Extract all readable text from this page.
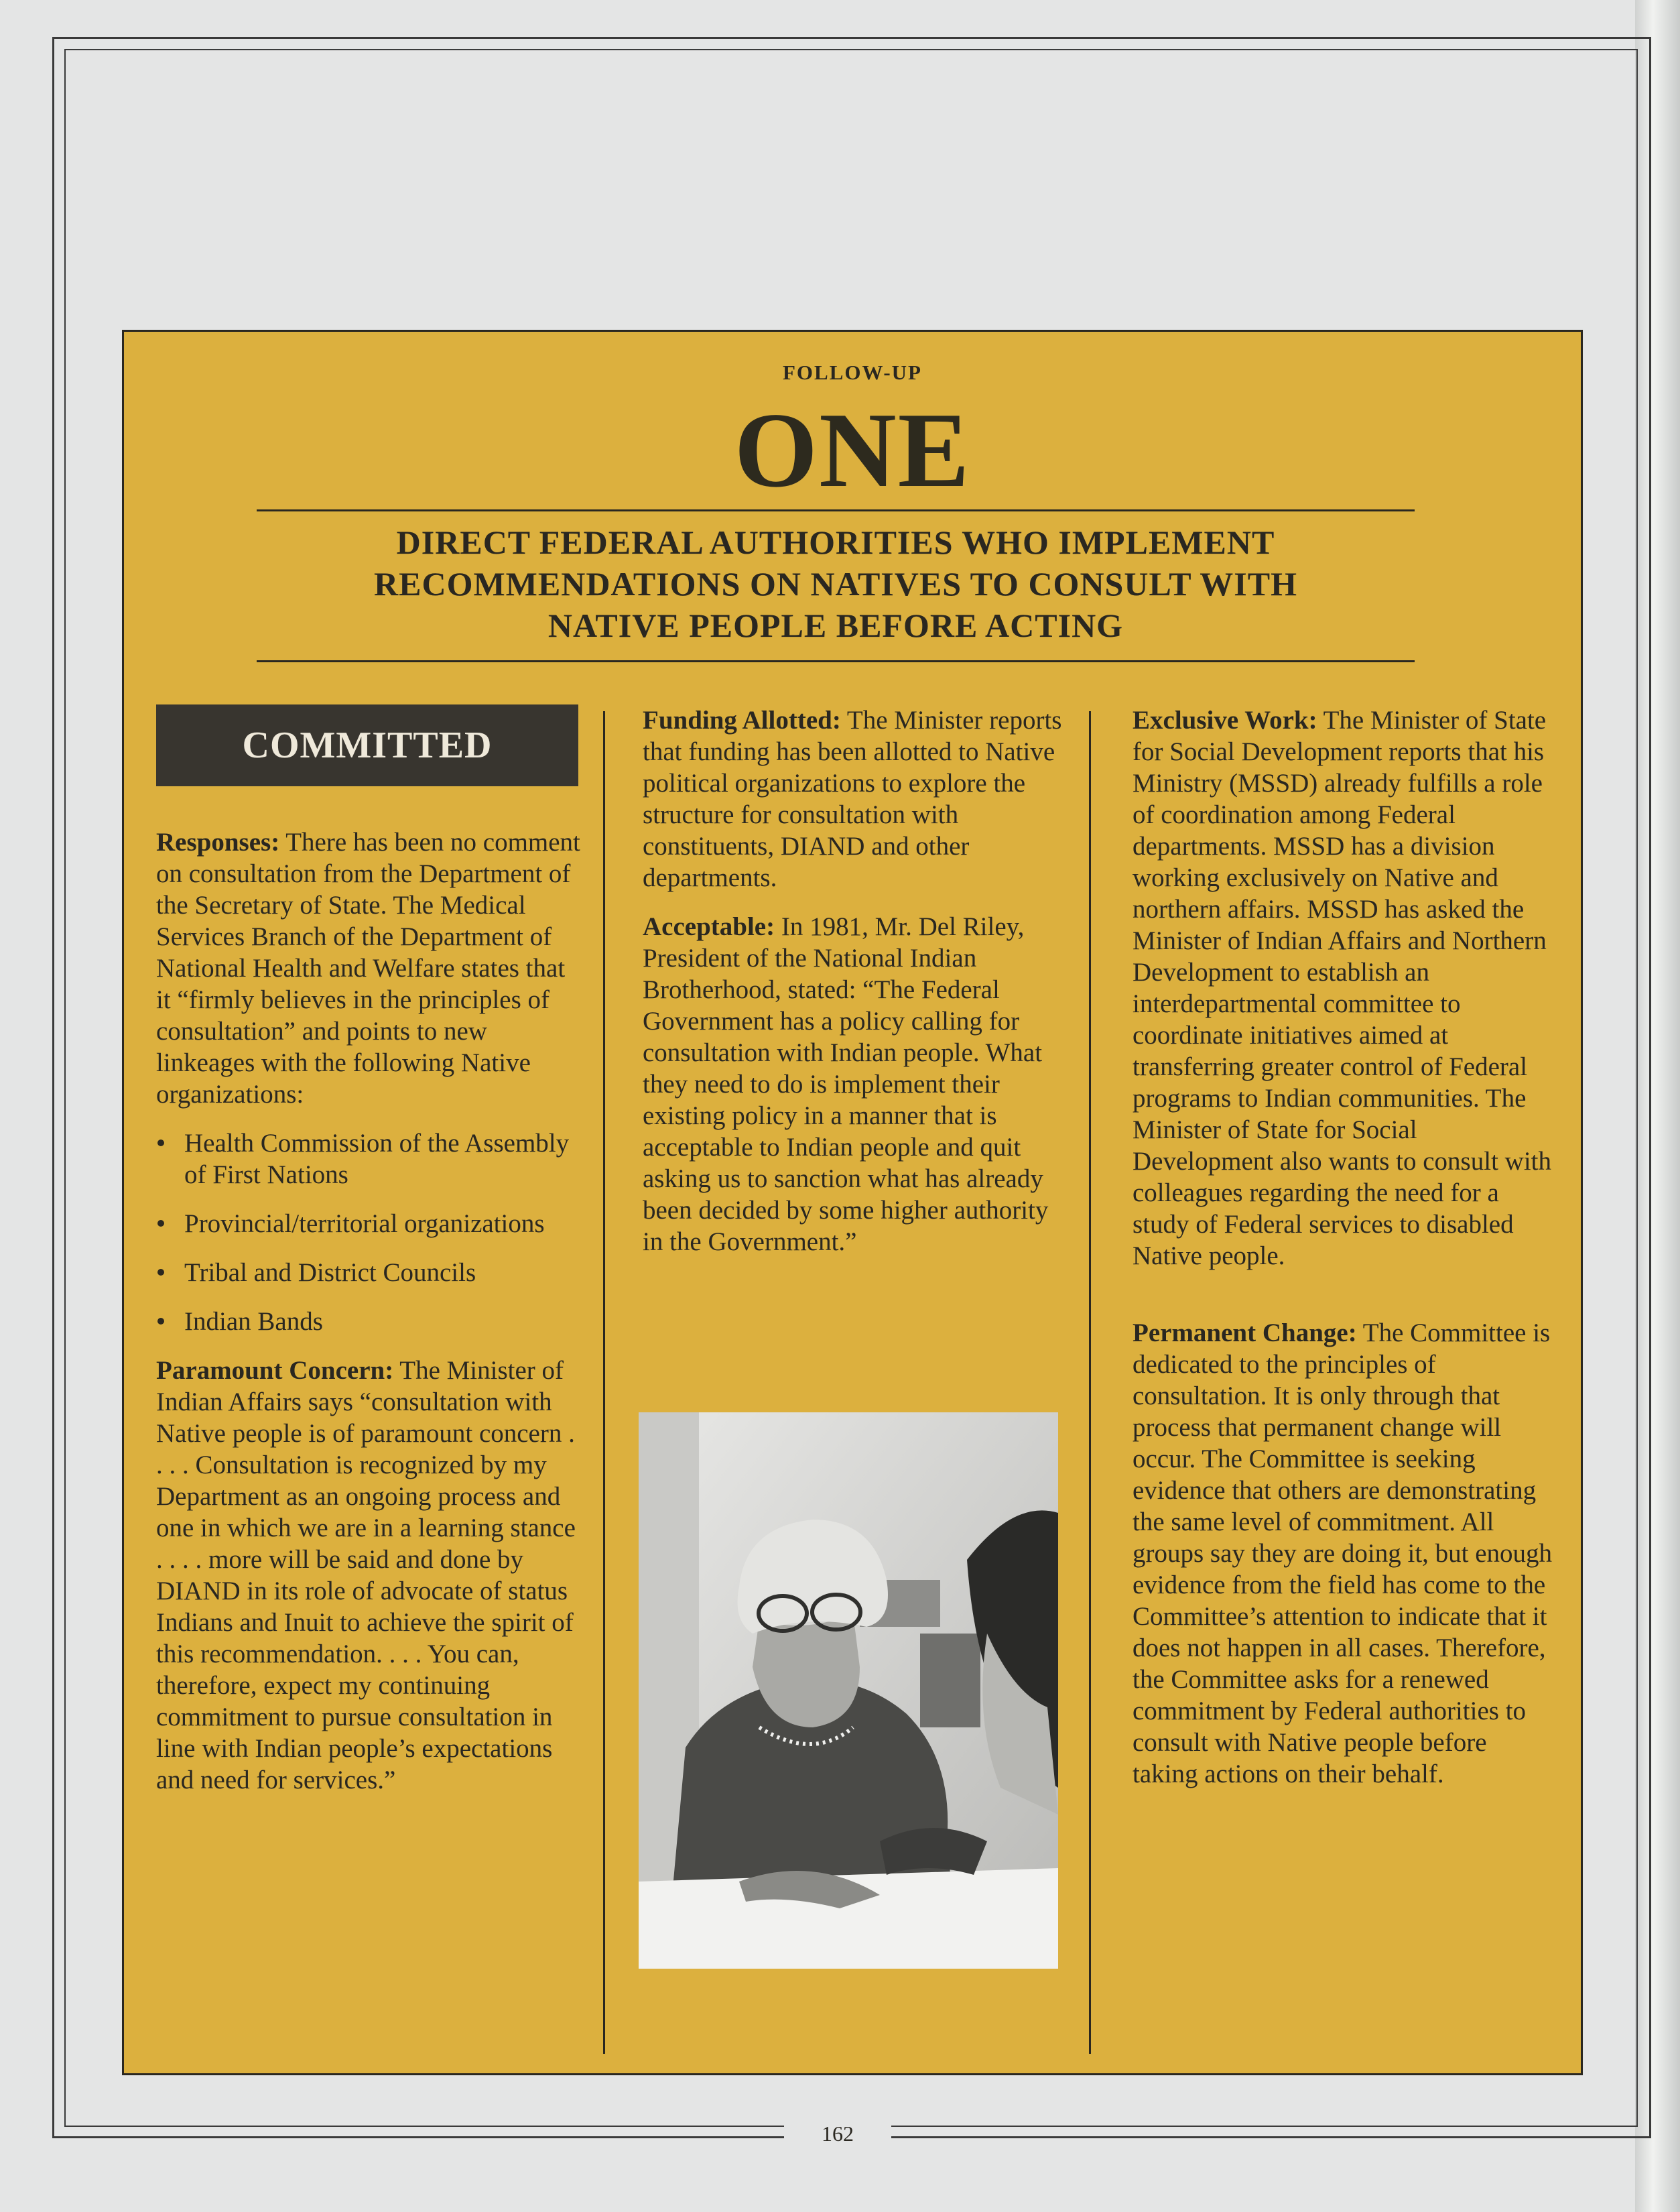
162
FOLLOW-UP
ONE
DIRECT FEDERAL AUTHORITIES WHO IMPLEMENT
RECOMMENDATIONS ON NATIVES TO CONSULT WITH
NATIVE PEOPLE BEFORE ACTING
COMMITTED

Responses: There has been no comment on consultation from the Department of the Secretary of State. The Medical Services Branch of the Department of National Health and Welfare states that it “firmly believes in the principles of consultation” and points to new linkeages with the following Native organizations:

Health Commission of the Assembly of First Nations
Provincial/territorial organizations
Tribal and District Councils
Indian Bands

Paramount Concern: The Minister of Indian Affairs says “consultation with Native people is of paramount concern . . . . Consultation is recognized by my Department as an ongoing process and one in which we are in a learning stance . . . . more will be said and done by DIAND in its role of advocate of status Indians and Inuit to achieve the spirit of this recommendation. . . . You can, therefore, expect my continuing commitment to pursue consultation in line with Indian people’s expectations and need for services.”

Funding Allotted: The Minister reports that funding has been allotted to Native political organizations to explore the structure for consultation with constituents, DIAND and other departments.

Acceptable: In 1981, Mr. Del Riley, President of the National Indian Brotherhood, stated: “The Federal Government has a policy calling for consultation with Indian people. What they need to do is implement their existing policy in a manner that is acceptable to Indian people and quit asking us to sanction what has already been decided by some higher authority in the Government.”

Exclusive Work: The Minister of State for Social Development reports that his Ministry (MSSD) already fulfills a role of coordination among Federal departments. MSSD has a division working exclusively on Native and northern affairs. MSSD has asked the Minister of Indian Affairs and Northern Development to establish an interdepartmental committee to coordinate initiatives aimed at transferring greater control of Federal programs to Indian communities. The Minister of State for Social Development also wants to consult with colleagues regarding the need for a study of Federal services to disabled Native people.

Permanent Change: The Committee is dedicated to the principles of consultation. It is only through that process that permanent change will occur. The Committee is seeking evidence that others are demonstrating the same level of commitment. All groups say they are doing it, but enough evidence from the field has come to the Committee’s attention to indicate that it does not happen in all cases. Therefore, the Committee asks for a renewed commitment by Federal authorities to consult with Native people before taking actions on their behalf.
